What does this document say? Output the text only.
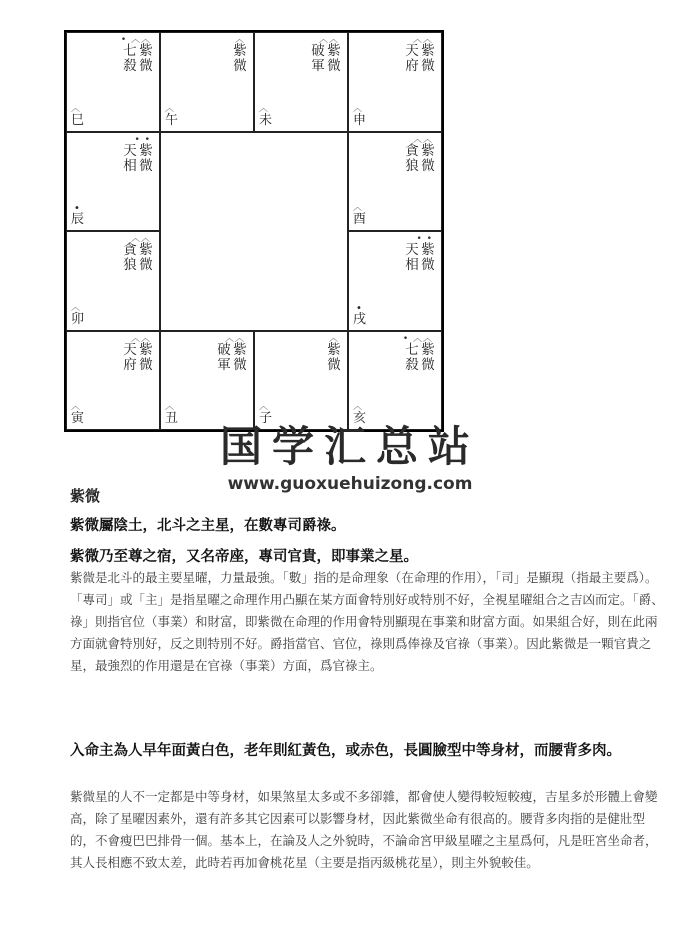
• ︿︿
七
殺
紫
微
︿
巳
︿
紫
微
︿
午
︿︿
破
軍
紫
微
︿
未
︿︿
天
府
紫
微
︿
申
• •
天
相
紫
微
•
辰
︿︿
貪
狼
紫
微
︿
酉
︿︿
貪
狼
紫
微
︿
卯
• •
天
相
紫
微
•
戌
︿︿
天
府
紫
微
︿
寅
︿︿
破
軍
紫
微
︿
丑
︿
紫
微
︿
子
• ︿︿
七
殺
紫
微
︿
亥
国学汇总站
www.guoxuehuizong.com
紫微
紫微屬陰土，北斗之主星，在數專司爵祿。
紫微乃至尊之宿，又名帝座，專司官貴，即事業之星。
紫微是北斗的最主要星曜，力量最強。「數」指的是命理象（在命理的作用），「司」是顯現（指最主要爲）。「專司」或「主」是指星曜之命理作用凸顯在某方面會特別好或特別不好，全視星曜組合之吉凶而定。「爵、祿」則指官位（事業）和財富，即紫微在命理的作用會特別顯現在事業和財富方面。如果組合好，則在此兩方面就會特別好，反之則特別不好。爵指當官、官位，祿則爲俸祿及官祿（事業）。因此紫微是一顆官貴之星，最強烈的作用還是在官祿（事業）方面，爲官祿主。
入命主為人早年面黃白色，老年則紅黃色，或赤色，長圓臉型中等身材，而腰背多肉。
紫微星的人不一定都是中等身材，如果煞星太多或不多卻雜，都會使人變得較短較瘦，吉星多於形體上會變高，除了星曜因素外，還有許多其它因素可以影響身材，因此紫微坐命有很高的。腰背多肉指的是健壯型的，不會瘦巴巴排骨一個。基本上，在論及人之外貌時，不論命宮甲級星曜之主星爲何，凡是旺宮坐命者，其人長相應不致太差，此時若再加會桃花星（主要是指丙級桃花星），則主外貌較佳。
